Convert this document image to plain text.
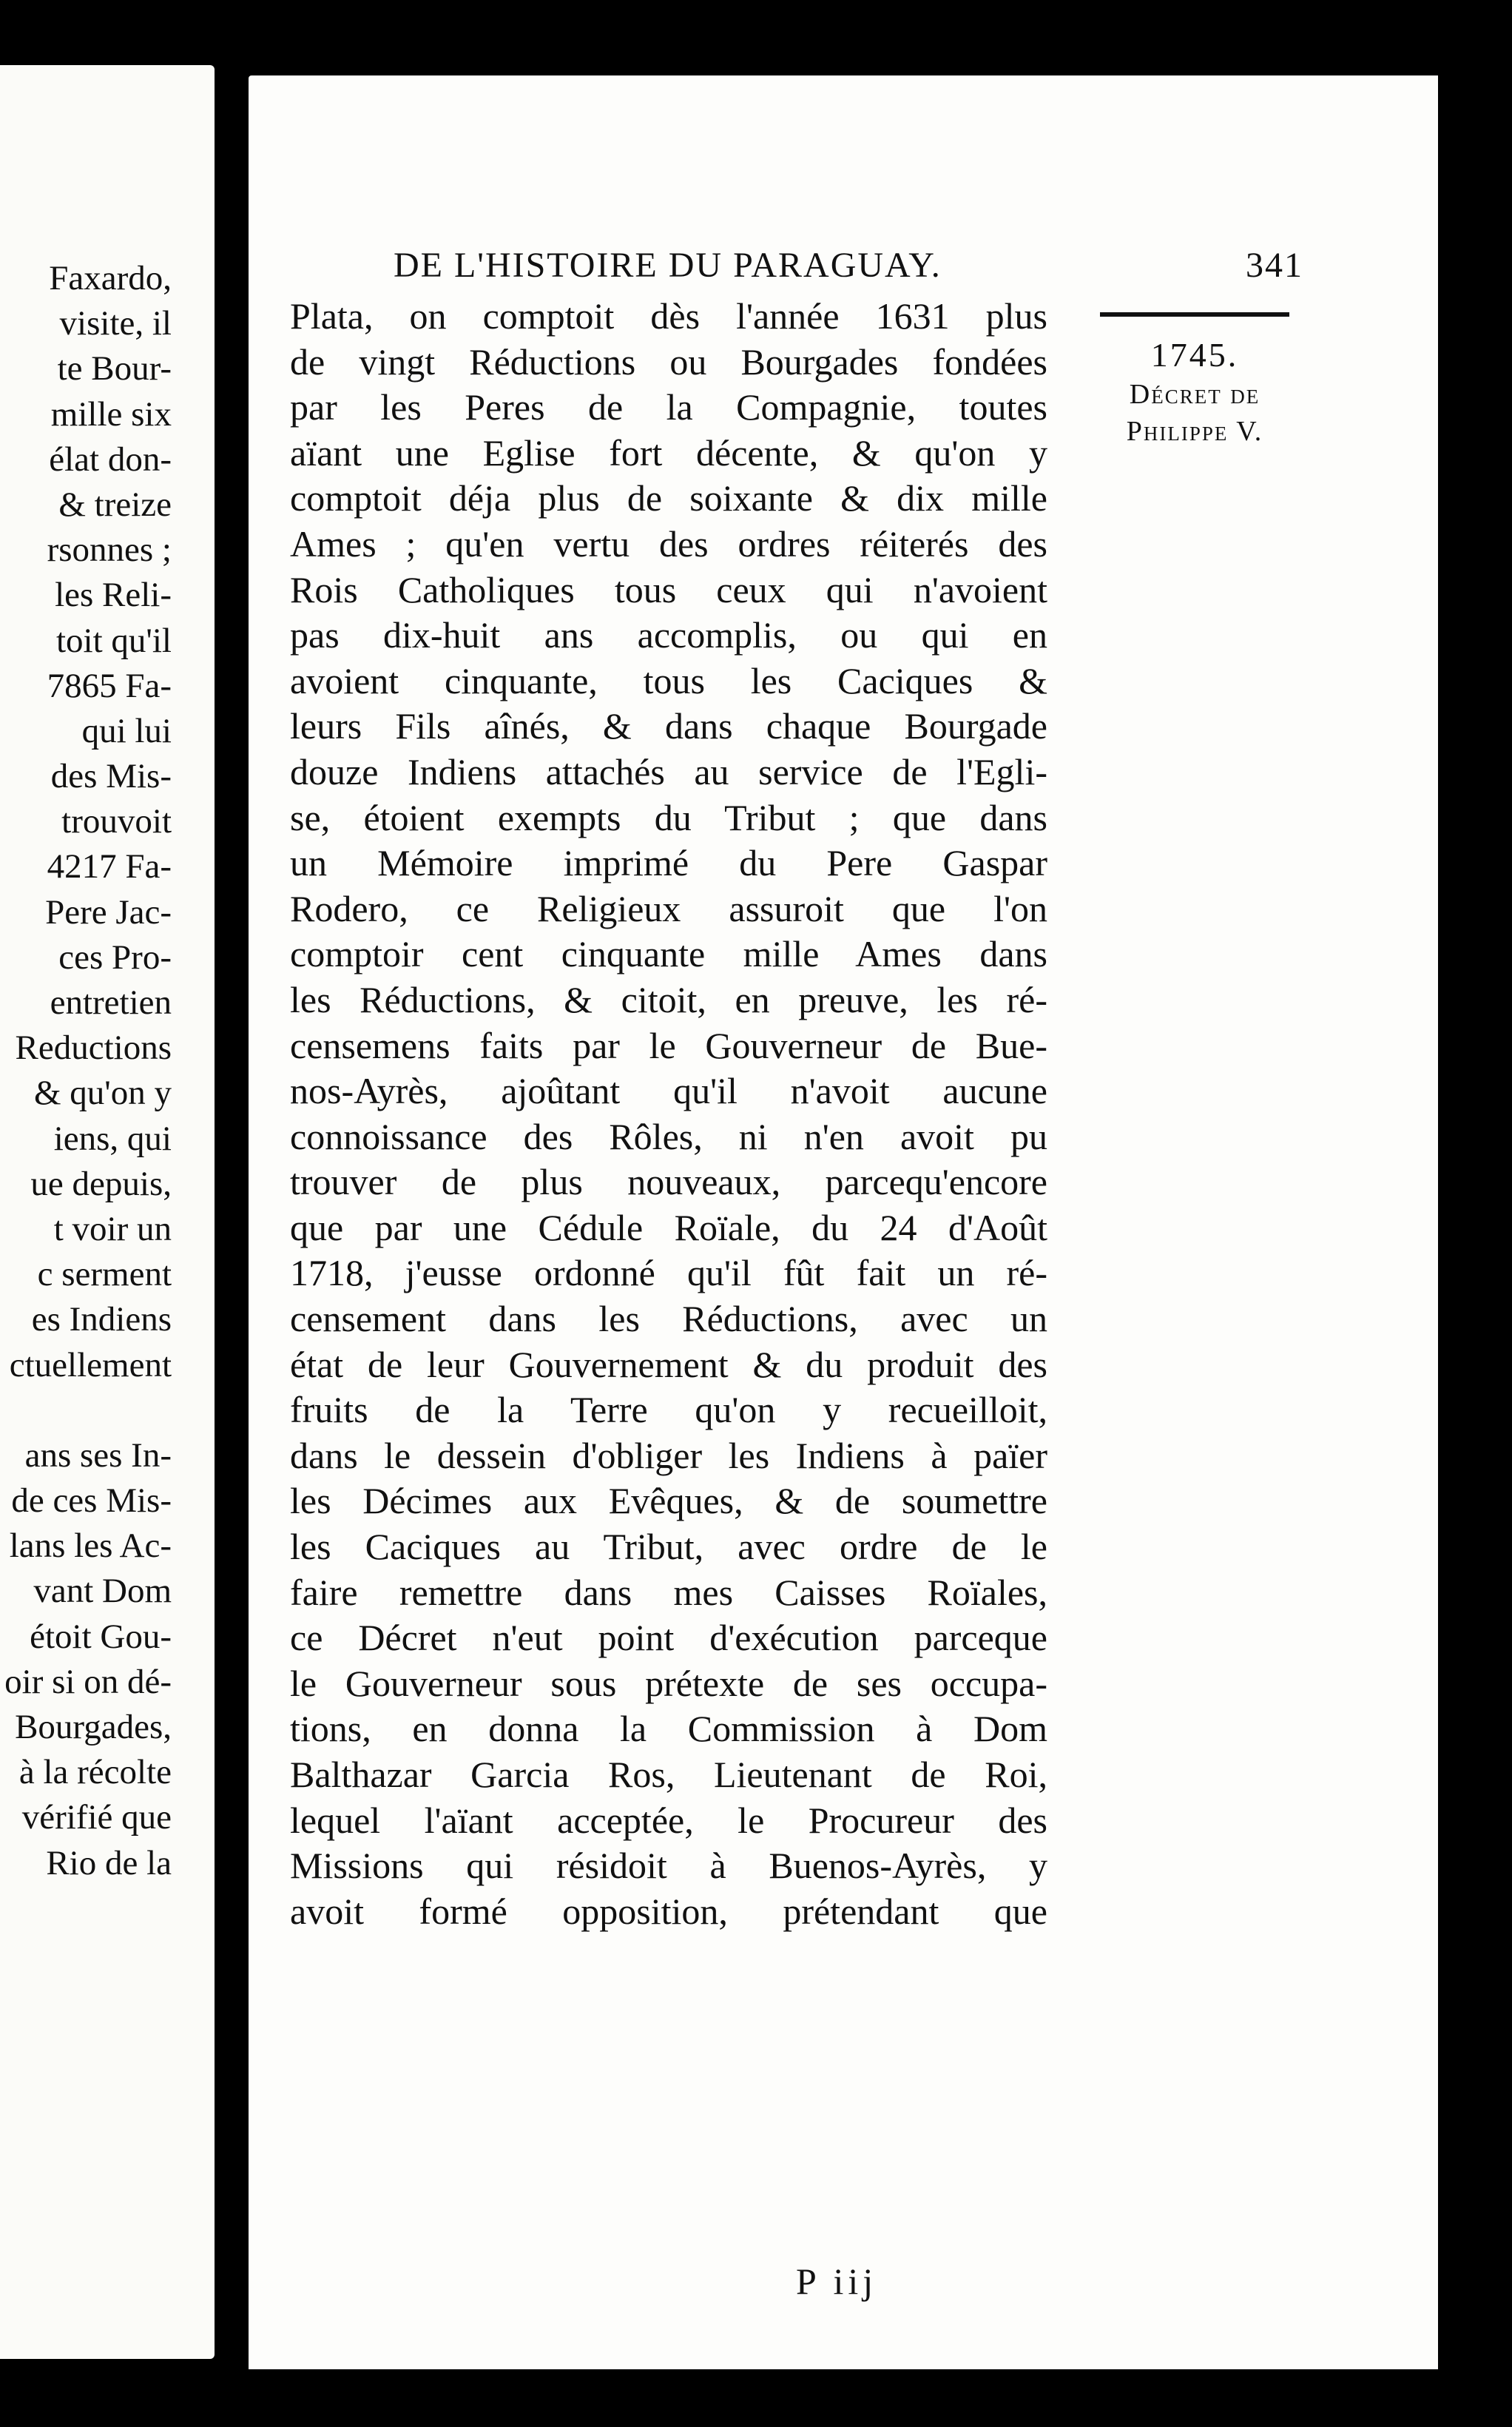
Faxardo,
visite, il
te Bour-
mille six
élat don-
& treize
rsonnes ;
les Reli-
toit qu'il
7865 Fa-
qui lui
des Mis-
trouvoit
4217 Fa-
Pere Jac-
ces Pro-
entretien
Reductions
& qu'on y
iens, qui
ue depuis,
t voir un
c serment
es Indiens
ctuellement
ans ses In-
de ces Mis-
lans les Ac-
vant Dom
étoit Gou-
oir si on dé-
Bourgades,
à la récolte
vérifié que
Rio de la
DE L'HISTOIRE DU PARAGUAY.	341
Plata, on comptoit dès l'année 1631 plus
de vingt Réductions ou Bourgades fondées
par les Peres de la Compagnie, toutes
aïant une Eglise fort décente, & qu'on y
comptoit déja plus de soixante & dix mille
Ames ; qu'en vertu des ordres réiterés des
Rois Catholiques tous ceux qui n'avoient
pas dix-huit ans accomplis, ou qui en
avoient cinquante, tous les Caciques &
leurs Fils aînés, & dans chaque Bourgade
douze Indiens attachés au service de l'Egli-
se, étoient exempts du Tribut ; que dans
un Mémoire imprimé du Pere Gaspar
Rodero, ce Religieux assuroit que l'on
comptoir cent cinquante mille Ames dans
les Réductions, & citoit, en preuve, les ré-
censemens faits par le Gouverneur de Bue-
nos-Ayrès, ajoûtant qu'il n'avoit aucune
connoissance des Rôles, ni n'en avoit pu
trouver de plus nouveaux, parcequ'encore
que par une Cédule Roïale, du 24 d'Août
1718, j'eusse ordonné qu'il fût fait un ré-
censement dans les Réductions, avec un
état de leur Gouvernement & du produit des
fruits de la Terre qu'on y recueilloit,
dans le dessein d'obliger les Indiens à païer
les Décimes aux Evêques, & de soumettre
les Caciques au Tribut, avec ordre de le
faire remettre dans mes Caisses Roïales,
ce Décret n'eut point d'exécution parceque
le Gouverneur sous prétexte de ses occupa-
tions, en donna la Commission à Dom
Balthazar Garcia Ros, Lieutenant de Roi,
lequel l'aïant acceptée, le Procureur des
Missions qui résidoit à Buenos-Ayrès, y
avoit formé opposition, prétendant que
1745.
Décret de
Philippe V.
P iij
